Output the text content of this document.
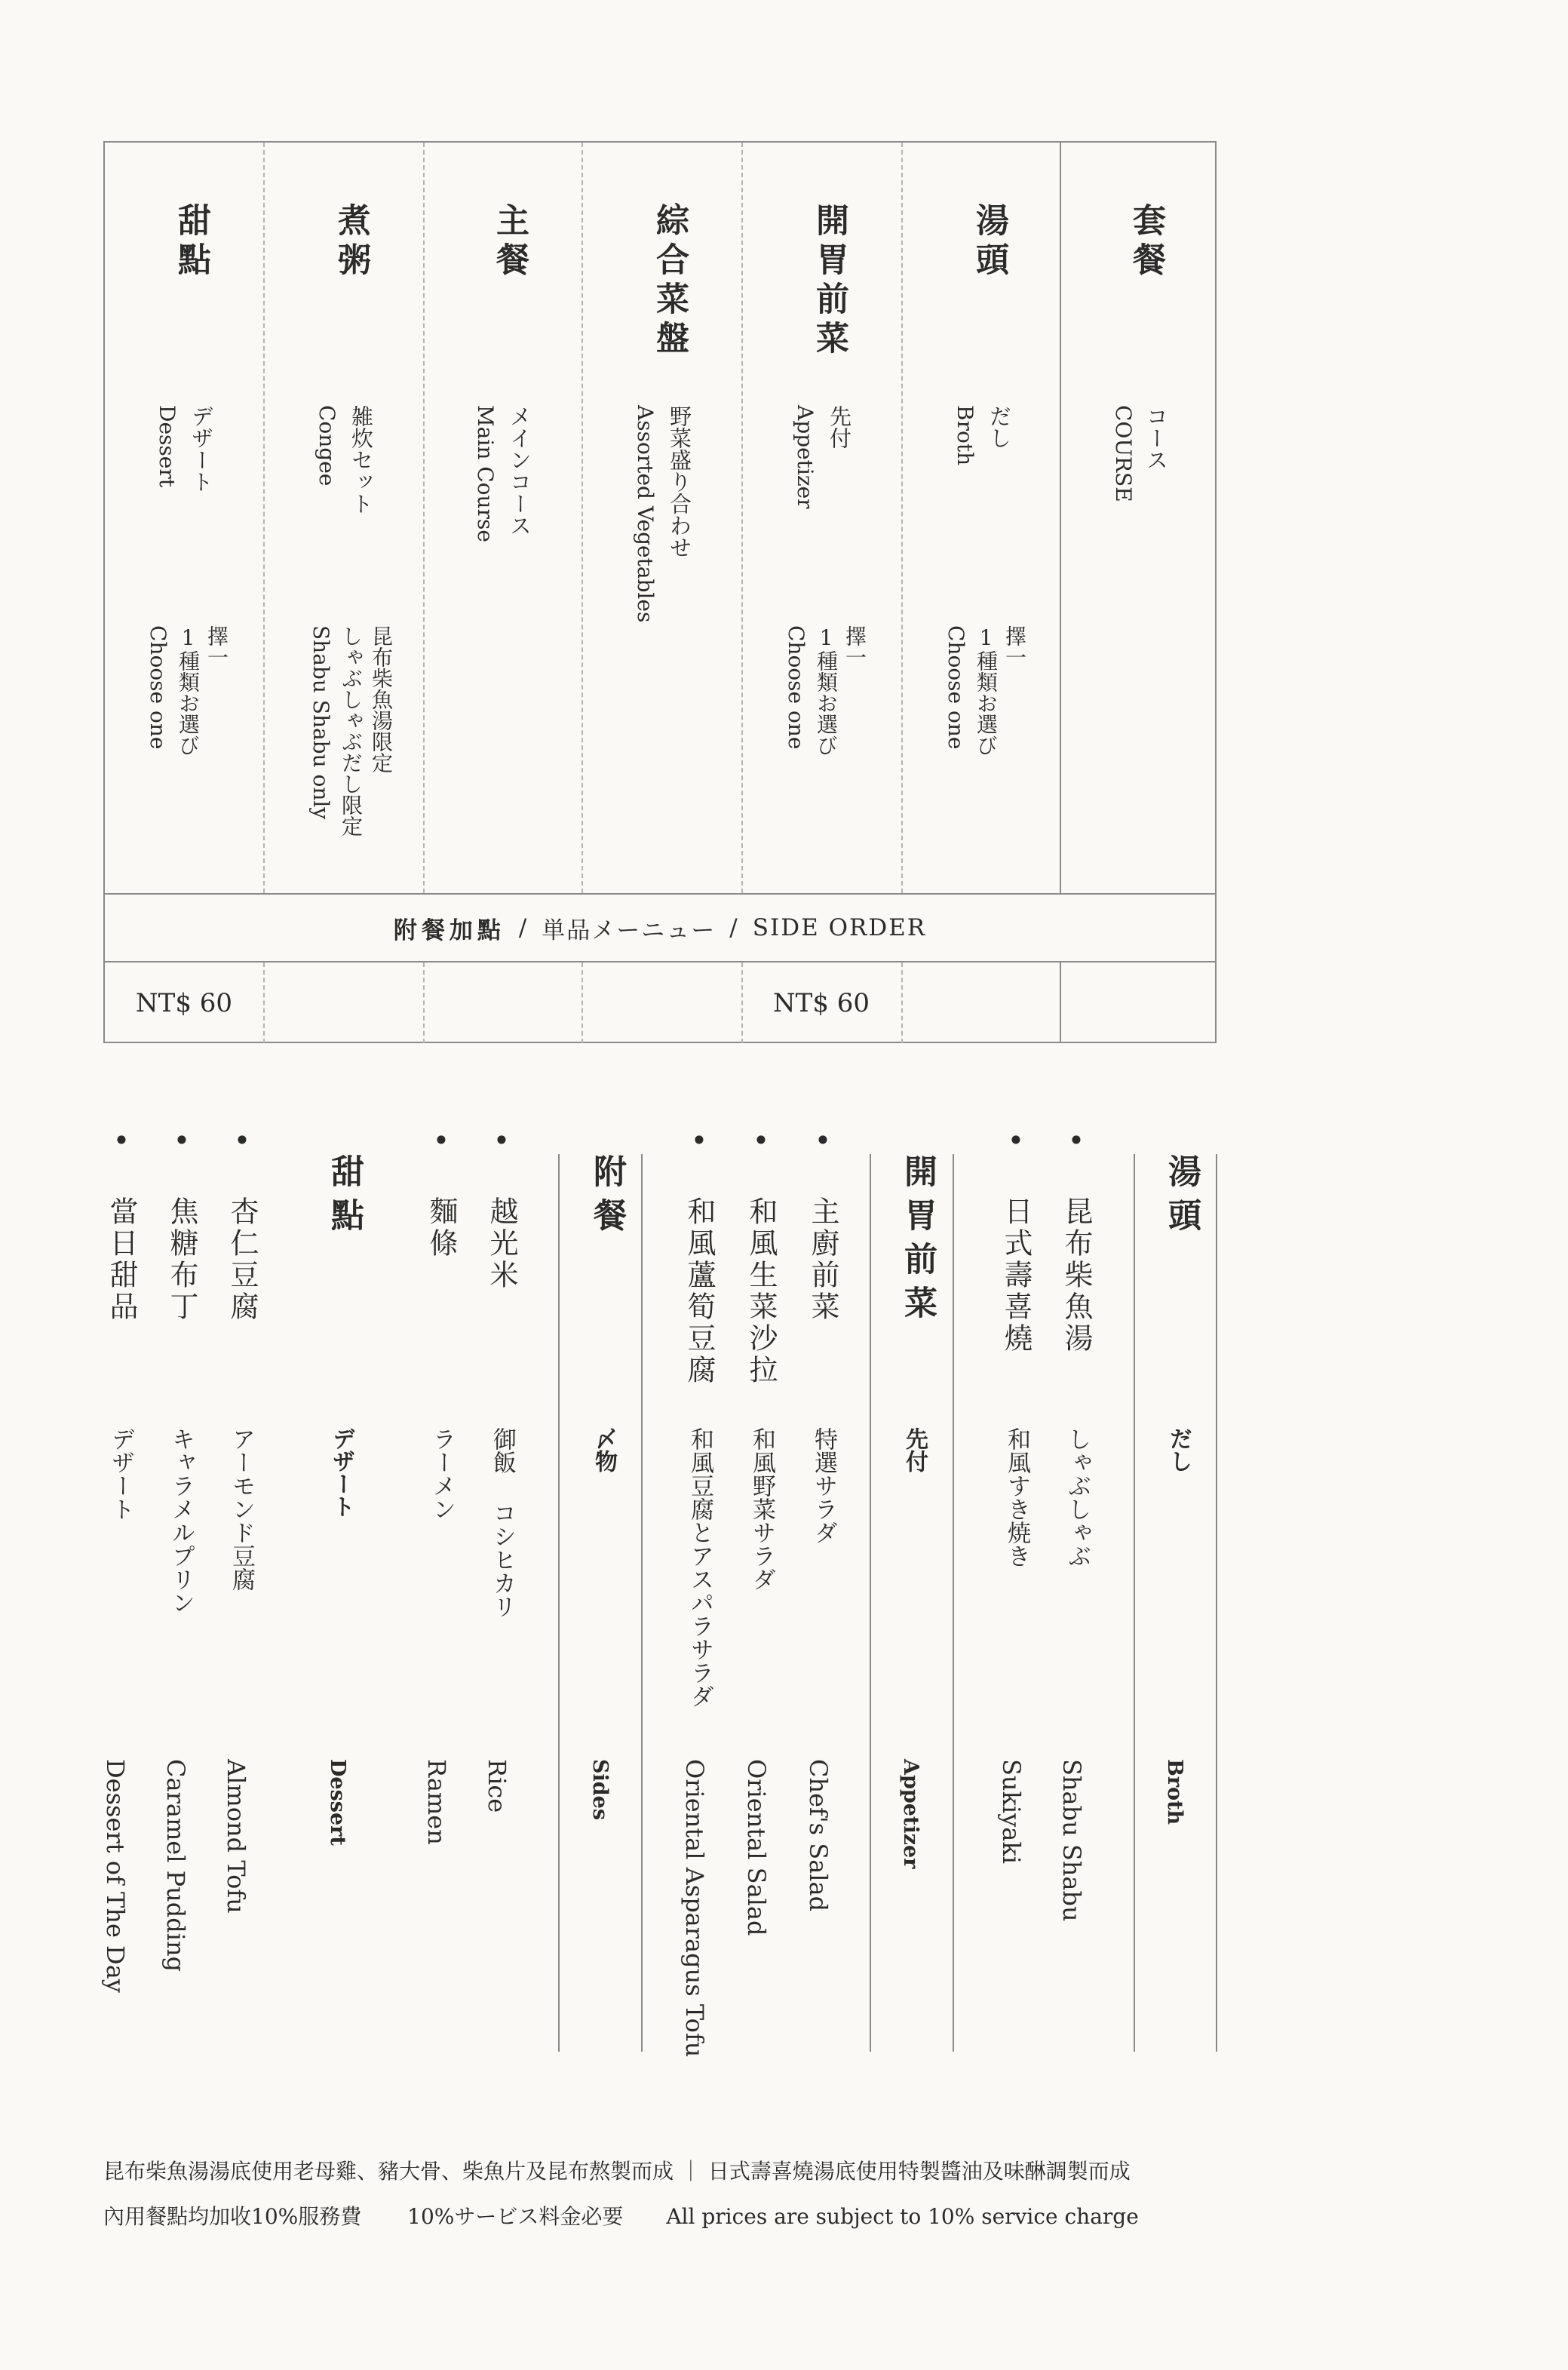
甜點
デザート
Dessert
擇一
1種類お選び
Choose one
煮粥
雑炊セット
Congee
昆布柴魚湯限定
しゃぶしゃぶだし限定
Shabu Shabu only
主餐
メインコース
Main Course
綜合菜盤
野菜盛り合わせ
Assorted Vegetables
開胃前菜
先付
Appetizer
擇一
1種類お選び
Choose one
湯頭
だし
Broth
擇一
1種類お選び
Choose one
套餐
コース
COURSE
附餐加點 / 単品メーニュー / SIDE ORDER
NT$ 60	NT$ 60
湯頭
だし
Broth
• 昆布柴魚湯
しゃぶしゃぶ
Shabu Shabu
• 日式壽喜燒
和風すき焼き
Sukiyaki
開胃前菜
先付
Appetizer
• 主廚前菜
特選サラダ
Chef's Salad
• 和風生菜沙拉
和風野菜サラダ
Oriental Salad
• 和風蘆筍豆腐
和風豆腐とアスパラサラダ
Oriental Asparagus Tofu
附餐
〆物
Sides
• 越光米
御飯 コシヒカリ
Rice
• 麵條
ラーメン
Ramen
甜點
デザート
Dessert
• 杏仁豆腐
アーモンド豆腐
Almond Tofu
• 焦糖布丁
キャラメルプリン
Caramel Pudding
• 當日甜品
デザート
Dessert of The Day
昆布柴魚湯湯底使用老母雞、豬大骨、柴魚片及昆布熬製而成 ｜ 日式壽喜燒湯底使用特製醬油及味醂調製而成
內用餐點均加收10%服務費 10%サービス料金必要 All prices are subject to 10% service charge
